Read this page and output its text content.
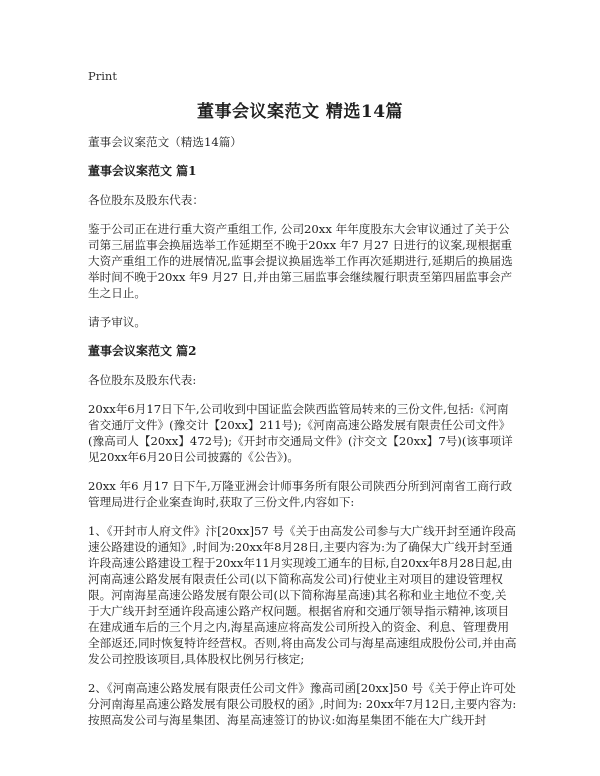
Print
董事会议案范文 精选14篇

董事会议案范文（精选14篇）

董事会议案范文 篇1

各位股东及股东代表：

鉴于公司正在进行重大资产重组工作, 公司20xx 年年度股东大会审议通过了关于公司第三届监事会换届选举工作延期至不晚于20xx 年7 月27 日进行的议案,现根据重大资产重组工作的进展情况,监事会提议换届选举工作再次延期进行,延期后的换届选举时间不晚于20xx 年9 月27 日,并由第三届监事会继续履行职责至第四届监事会产生之日止。

请予审议。

董事会议案范文 篇2

各位股东及股东代表:

20xx年6月17日下午,公司收到中国证监会陕西监管局转来的三份文件,包括:《河南省交通厅文件》(豫交计【20xx】211号);《河南高速公路发展有限责任公司文件》(豫高司人【20xx】472号);《开封市交通局文件》(汴交文【20xx】7号)(该事项详见20xx年6月20日公司披露的《公告》)。

20xx 年6 月17 日下午,万隆亚洲会计师事务所有限公司陕西分所到河南省工商行政管理局进行企业案查询时,获取了三份文件,内容如下:

1、《开封市人府文件》汴[20xx]57 号《关于由高发公司参与大广线开封至通许段高速公路建设的通知》,时间为:20xx年8月28日,主要内容为:为了确保大广线开封至通许段高速公路建设工程于20xx年11月实现竣工通车的目标,自20xx年8月28日起,由河南高速公路发展有限责任公司(以下简称高发公司)行使业主对项目的建设管理权限。河南海星高速公路发展有限公司(以下简称海星高速)其名称和业主地位不变,关于大广线开封至通许段高速公路产权问题。根据省府和交通厅领导指示精神,该项目在建成通车后的三个月之内,海星高速应将高发公司所投入的资金、利息、管理费用全部返还,同时恢复特许经营权。否则,将由高发公司与海星高速组成股份公司,并由高发公司控股该项目,具体股权比例另行核定;

2、《河南高速公路发展有限责任公司文件》豫高司函[20xx]50 号《关于停止许可处分河南海星高速公路发展有限公司股权的函》,时间为: 20xx年7月12日,主要内容为:按照高发公司与海星集团、海星高速签订的协议:如海星集团不能在大广线开封
